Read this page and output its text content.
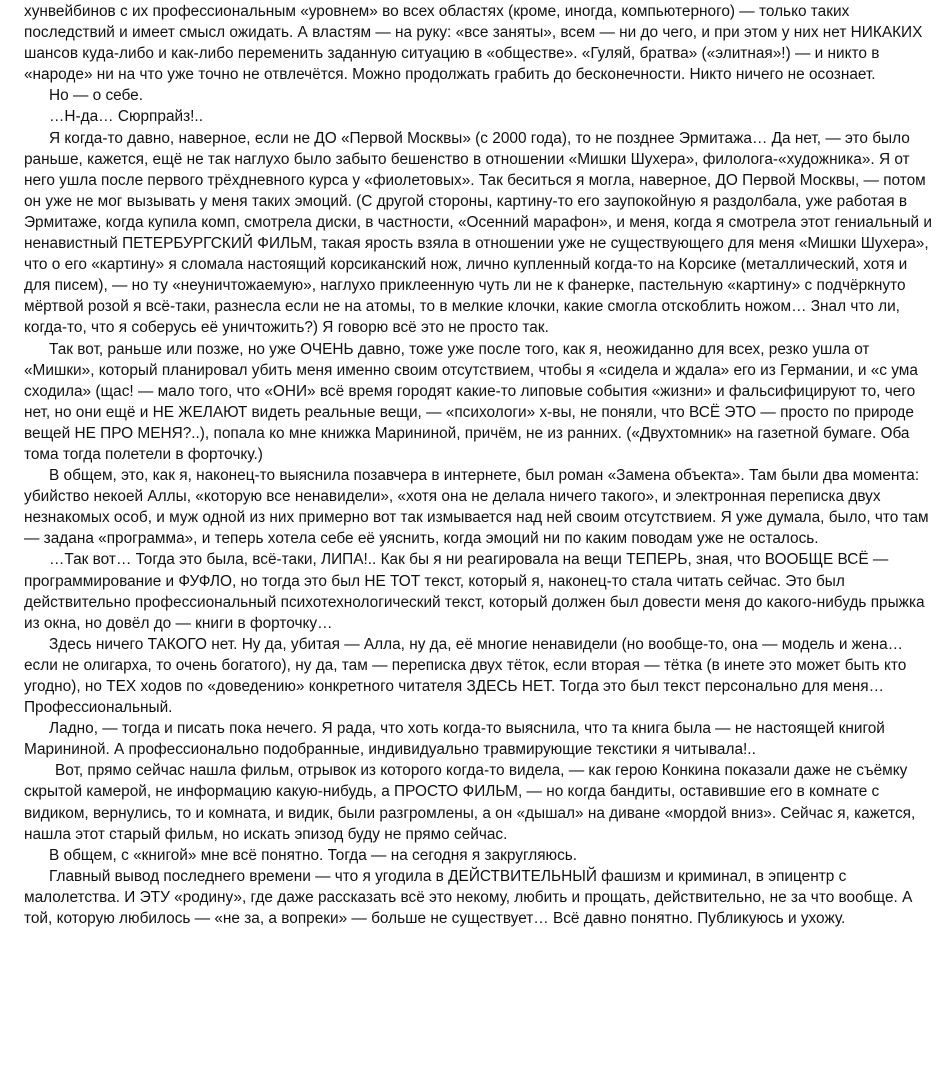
хунвейбинов с их профессиональным «уровнем» во всех областях (кроме, иногда, компьютерного) — только таких последствий и имеет смысл ожидать. А властям — на руку: «все заняты», всем — ни до чего, и при этом у них нет НИКАКИХ шансов куда-либо и как-либо переменить заданную ситуацию в «обществе». «Гуляй, братва» («элитная»!) — и никто в «народе» ни на что уже точно не отвлечётся. Можно продолжать грабить до бесконечности. Никто ничего не осознает.

Но — о себе.

…Н-да… Сюрпрайз!..

Я когда-то давно, наверное, если не ДО «Первой Москвы» (с 2000 года), то не позднее Эрмитажа… Да нет, — это было раньше, кажется, ещё не так наглухо было забыто бешенство в отношении «Мишки Шухера», филолога-«художника». Я от него ушла после первого трёхдневного курса у «фиолетовых». Так беситься я могла, наверное, ДО Первой Москвы, — потом он уже не мог вызывать у меня таких эмоций. (С другой стороны, картину-то его заупокойную я раздолбала, уже работая в Эрмитаже, когда купила комп, смотрела диски, в частности, «Осенний марафон», и меня, когда я смотрела этот гениальный и ненавистный ПЕТЕРБУРГСКИЙ ФИЛЬМ, такая ярость взяла в отношении уже не существующего для меня «Мишки Шухера», что о его «картину» я сломала настоящий корсиканский нож, лично купленный когда-то на Корсике (металлический, хотя и для писем), — но ту «неуничтожаемую», наглухо приклеенную чуть ли не к фанерке, пастельную «картину» с подчёркнуто мёртвой розой я всё-таки, разнесла если не на атомы, то в мелкие клочки, какие смогла отскоблить ножом… Знал что ли, когда-то, что я соберусь её уничтожить?) Я говорю всё это не просто так.

Так вот, раньше или позже, но уже ОЧЕНЬ давно, тоже уже после того, как я, неожиданно для всех, резко ушла от «Мишки», который планировал убить меня именно своим отсутствием, чтобы я «сидела и ждала» его из Германии, и «с ума сходила» (щас! — мало того, что «ОНИ» всё время городят какие-то липовые события «жизни» и фальсифицируют то, чего нет, но они ещё и НЕ ЖЕЛАЮТ видеть реальные вещи, — «психологи» х-вы, не поняли, что ВСЁ ЭТО — просто по природе вещей НЕ ПРО МЕНЯ?..), попала ко мне книжка Марининой, причём, не из ранних. («Двухтомник» на газетной бумаге. Оба тома тогда полетели в форточку.)

В общем, это, как я, наконец-то выяснила позавчера в интернете, был роман «Замена объекта». Там были два момента: убийство некоей Аллы, «которую все ненавидели», «хотя она не делала ничего такого», и электронная переписка двух незнакомых особ, и муж одной из них примерно вот так измывается над ней своим отсутствием. Я уже думала, было, что там — задана «программа», и теперь хотела себе её уяснить, когда эмоций ни по каким поводам уже не осталось.

…Так вот… Тогда это была, всё-таки, ЛИПА!.. Как бы я ни реагировала на вещи ТЕПЕРЬ, зная, что ВООБЩЕ ВСЁ — программирование и ФУФЛО, но тогда это был НЕ ТОТ текст, который я, наконец-то стала читать сейчас. Это был действительно профессиональный психотехнологический текст, который должен был довести меня до какого-нибудь прыжка из окна, но довёл до — книги в форточку…

Здесь ничего ТАКОГО нет. Ну да, убитая — Алла, ну да, её многие ненавидели (но вообще-то, она — модель и жена…если не олигарха, то очень богатого), ну да, там — переписка двух тёток, если вторая — тётка (в инете это может быть кто угодно), но ТЕХ ходов по «доведению» конкретного читателя ЗДЕСЬ НЕТ. Тогда это был текст персонально для меня… Профессиональный.

Ладно, — тогда и писать пока нечего. Я рада, что хоть когда-то выяснила, что та книга была — не настоящей книгой Марининой. А профессионально подобранные, индивидуально травмирующие текстики я читывала!..

Вот, прямо сейчас нашла фильм, отрывок из которого когда-то видела, — как герою Конкина показали даже не съёмку скрытой камерой, не информацию какую-нибудь, а ПРОСТО ФИЛЬМ, — но когда бандиты, оставившие его в комнате с видиком, вернулись, то и комната, и видик, были разгромлены, а он «дышал» на диване «мордой вниз». Сейчас я, кажется, нашла этот старый фильм, но искать эпизод буду не прямо сейчас.

В общем, с «книгой» мне всё понятно. Тогда — на сегодня я закругляюсь.

Главный вывод последнего времени — что я угодила в ДЕЙСТВИТЕЛЬНЫЙ фашизм и криминал, в эпицентр с малолетства. И ЭТУ «родину», где даже рассказать всё это некому, любить и прощать, действительно, не за что вообще. А той, которую любилось — «не за, а вопреки» — больше не существует… Всё давно понятно. Публикуюсь и ухожу.
